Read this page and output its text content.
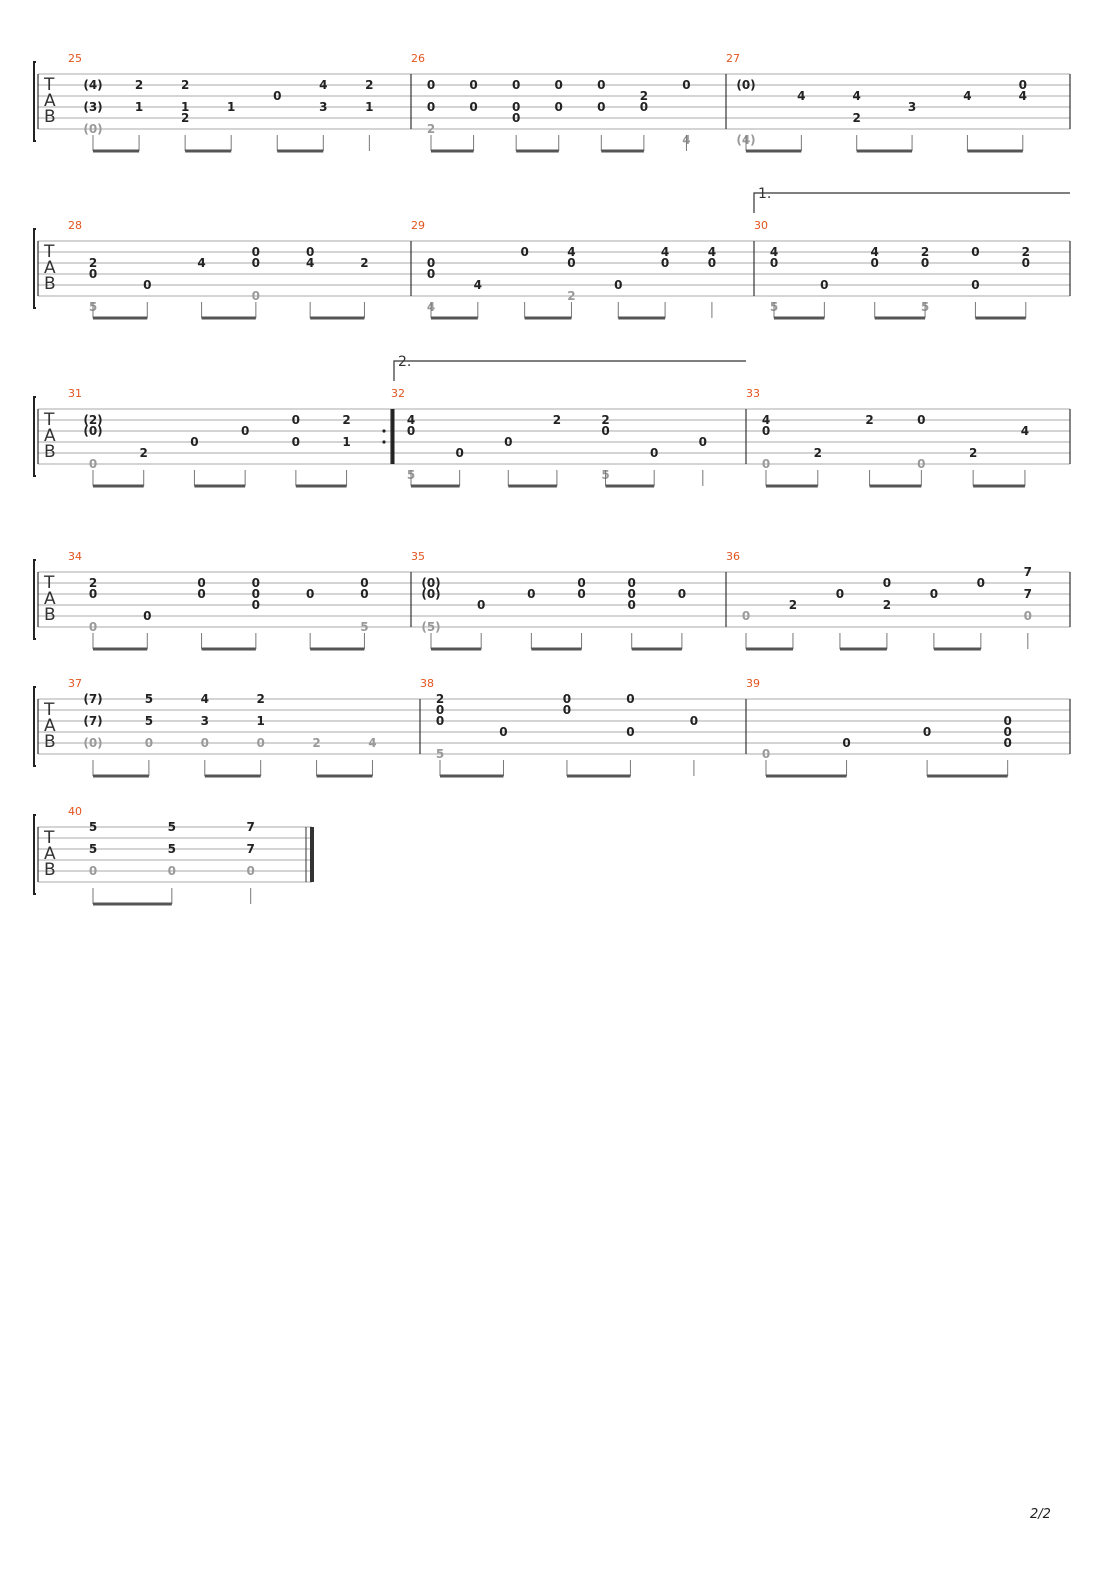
T
A
B
25
(4)
(3)
(0)
2
1
2
1
2
1
0
4
3
2
1
26
0
0
2
0
0
0
0
0
0
0
0
0
2
0
0
4
27
(0)
(4)
4	4
2
3
4
0
4
T
A
B
28
2
0
5
0
4
0
0
0
0
4	2
29
0
0
4
4
0	4
0
2
0
4
0
4
0
30
4
0
5
0
4
0
2
0
5
0
0
2
0
T
A
B
31
(2)
(0)
0
2
0
0
0
0
2
1
32
4
0
5
0
0
2	2
0
5
0
0
33
4
0
0
2
2	0
0
2
4
T
A
B
34
2
0
0
0
0
0
0
0
0
0
0
0
5
35
(0)
(0)
(5)
0
0
0
0
0
0
0
0
36
0
2
0
0
2
0
0
7
7
0
T
A
B
37
(7)
(7)
(0)
5
5
0
4
3
0
2
1
0	2	4
38
2
0
0
5
0
0
0
0
0
0
39
0
0
0
0
0
0
T
A
B
40
5
5
0
5
5
0
7
7
0
1.
2.
2/2
